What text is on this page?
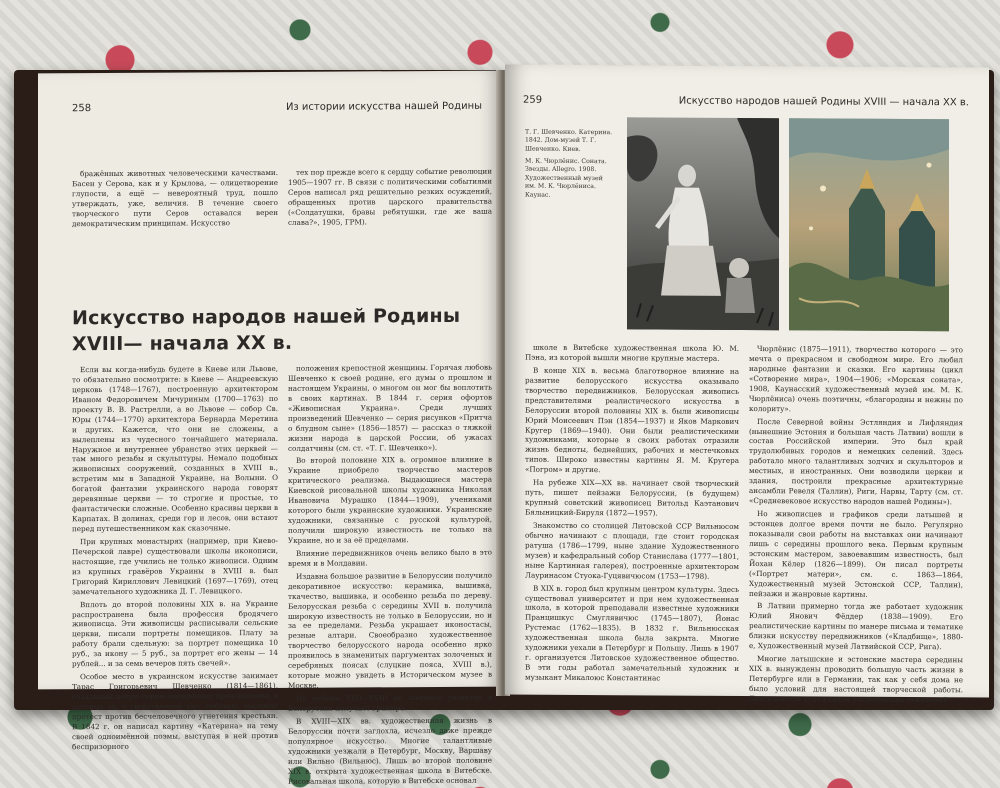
258	Из истории искусства нашей Родины

бражённых животных человеческими качествами. Басен у Серова, как и у Крылова, — олицетворение глупости, а ещё — невероятный труд, пошло утверждать, уже, величия. В течение своего творческого пути Серов оставался верен демократическим принципам. Искусство

тех пор прежде всего к сердцу событие революции 1905—1907 гг. В связи с политическими событиями Серов написал ряд решительно резких осуждений, обращенных против царского правительства («Солдатушки, бравы ребятушки, где же ваша слава?», 1905, ГРМ).

Искусство народов нашей Родины XVIII— начала XX в.

Если вы когда-нибудь будете в Киеве или Львове, то обязательно посмотрите: в Киеве — Андреевскую церковь (1748—1767), построенную архитектором Иваном Федоровичем Мичуриным (1700—1763) по проекту В. В. Растрелли, а во Львове — собор Св. Юры (1744—1770) архитектора Бернарда Меретина и других. Кажется, что они не сложены, а вылеплены из чудесного тончайшего материала. Наружное и внутреннее убранство этих церквей — там много резьбы и скульптуры. Немало подобных живописных сооружений, созданных в XVIII в., встретим мы в Западной Украине, на Волыни. О богатой фантазии украинского народа говорят деревянные церкви — то строгие и простые, то фантастически сложные. Особенно красивы церкви в Карпатах. В долинах, среди гор и лесов, они встают перед путешественником как сказочные.

При крупных монастырях (например, при Киево-Печерской лавре) существовали школы иконописи, настоящие, где учились не только живописи. Одним из крупных гравёров Украины в XVIII в. был Григорий Кириллович Левицкий (1697—1769), отец замечательного художника Д. Г. Левицкого.

Вплоть до второй половины XIX в. на Украине распространена была профессия бродячего живописца. Эти живописцы расписывали сельские церкви, писали портреты помещиков. Плату за работу брали сдельную: за портрет помещика 10 руб., за икону — 5 руб., за портрет его жены — 14 рублей... и за семь вечеров пять свечей».

Особое место в украинском искусстве занимает Тарас Григорьевич Шевченко (1814—1861), создавший целую серию интересных произведений, в которых он, с свойственной ему любовью, выражал протест против бесчеловечного угнетения крестьян. В 1842 г. он написал картину «Катерина» на тему своей одноимённой поэмы, выступая в ней против беспризорного

положения крепостной женщины. Горячая любовь Шевченко к своей родине, его думы о прошлом и настоящем Украины, о многом он мог бы воплотить в своих картинах. В 1844 г. серия офортов «Живописная Украина». Среди лучших произведений Шевченко — серия рисунков «Притча о блудном сыне» (1856—1857) — рассказ о тяжкой жизни народа в царской России, об ужасах солдатчины (см. ст. «Т. Г. Шевченко»).

Во второй половине XIX в. огромное влияние в Украине приобрело творчество мастеров критического реализма. Выдающиеся мастера Киевской рисовальной школы художника Николая Ивановича Мурашко (1844—1909), учениками которого были украинские художники. Украинские художники, связанные с русской культурой, получили широкую известность не только на Украине, но и за её пределами.

Влияние передвижников очень велико было в это время и в Молдавии.

Издавна большое развитие в Белоруссии получило декоративное искусство: керамика, вышивка, ткачество, вышивка, и особенно резьба по дереву. Белорусская резьба с середины XVII в. получила широкую известность не только в Белоруссии, но и за ее пределами. Резьба украшает иконостасы, резные алтари. Своеобразно художественное творчество белорусского народа особенно ярко проявилось в знаменитых паргументах золоченых и серебряных поясах (слуцкие пояса, XVIII в.), которые можно увидеть в Историческом музее в Москве.

На рубеже XVII—XVIII вв. широкое развитие в Белоруссии получает гравюра.

В XVIII—XIX вв. художественная жизнь в Белоруссии почти заглохла, исчезло даже прежде популярное искусство. Многие талантливые художники уезжали в Петербург, Москву, Варшаву или Вильно (Вильнюс). Лишь во второй половине XIX в. открыта художественная школа в Витебске. Рисовальная школа, которую в Витебске основал

259	Искусство народов нашей Родины XVIII — начала XX в.
Т. Г. Шевченко. Катерина. 1842. Дом-музей Т. Г. Шевченко. Киев.
М. К. Чюрлёнис. Соната. Звезды. Allegro. 1908. Художественный музей им. М. К. Чюрлёниса. Каунас.

школе в Витебске художественная школа Ю. М. Пэна, из которой вышли многие крупные мастера.

В конце XIX в. весьма благотворное влияние на развитие белорусского искусства оказывало творчество передвижников. Белорусская живопись представителями реалистического искусства в Белоруссии второй половины XIX в. были живописцы Юрий Моисеевич Пэн (1854—1937) и Яков Маркович Кругер (1869—1940). Они были реалистическими художниками, которые в своих работах отразили жизнь бедноты, беднейших, рабочих и местечковых типов. Широко известны картины Я. М. Кругера «Погром» и другие.

На рубеже XIX—XX вв. начинает свой творческий путь, пишет пейзажи Белоруссии, (в будущем) крупный советский живописец Витольд Каэтанович Бялыницкий-Бируля (1872—1957).

Знакомство со столицей Литовской ССР Вильнюсом обычно начинают с площади, где стоит городская ратуша (1786—1799, ныне здание Художественного музея) и кафедральный собор Станислава (1777—1801, ныне Картинная галерея), построенные архитектором Лауринасом Стуока-Гуцявичюсом (1753—1798).

В XIX в. город был крупным центром культуры. Здесь существовал университет и при нем художественная школа, в которой преподавали известные художники Пранцишкус Смуглявичюс (1745—1807), Йонас Рустемас (1762—1835). В 1832 г. Вильнюсская художественная школа была закрыта. Многие художники уехали в Петербург и Польшу. Лишь в 1907 г. организуется Литовское художественное общество. В эти годы работал замечательный художник и музыкант Микалоюс Константинас

Чюрлёнис (1875—1911), творчество которого — это мечта о прекрасном и свободном мире. Его любил народные фантазии и сказки. Его картины (цикл «Сотворение мира», 1904—1906; «Морская соната», 1908, Каунасский художественный музей им. М. К. Чюрлёниса) очень поэтичны, «благородны и нежны по колориту».

После Северной войны Эстляндия и Лифляндия (нынешние Эстония и большая часть Латвии) вошли в состав Российской империи. Это был край трудолюбивых городов и немецких селений. Здесь работало много талантливых зодчих и скульпторов и местных, и иностранных. Они возводили церкви и здания, построили прекрасные архитектурные ансамбли Ревеля (Таллин), Риги, Нарвы, Тарту (см. ст. «Средневековое искусство народов нашей Родины»).

Но живописцев и графиков среди латышей и эстонцев долгое время почти не было. Регулярно показывали свои работы на выставках они начинают лишь с середины прошлого века. Первым крупным эстонским мастером, завоевавшим известность, был Йохан Кёлер (1826—1899). Он писал портреты («Портрет матери», см. с. 1863—1864, Художественный музей Эстонской ССР, Таллин), пейзажи и жанровые картины.

В Латвии примерно тогда же работает художник Юлий Янович Фёддер (1838—1909). Его реалистические картины по манере письма и тематике близки искусству передвижников («Кладбище», 1880-е, Художественный музей Латвийской ССР, Рига).

Многие латышские и эстонские мастера середины XIX в. вынуждены проводить большую часть жизни в Петербурге или в Германии, так как у себя дома не было условий для настоящей творческой работы. Деятельность художников последующих поколений
